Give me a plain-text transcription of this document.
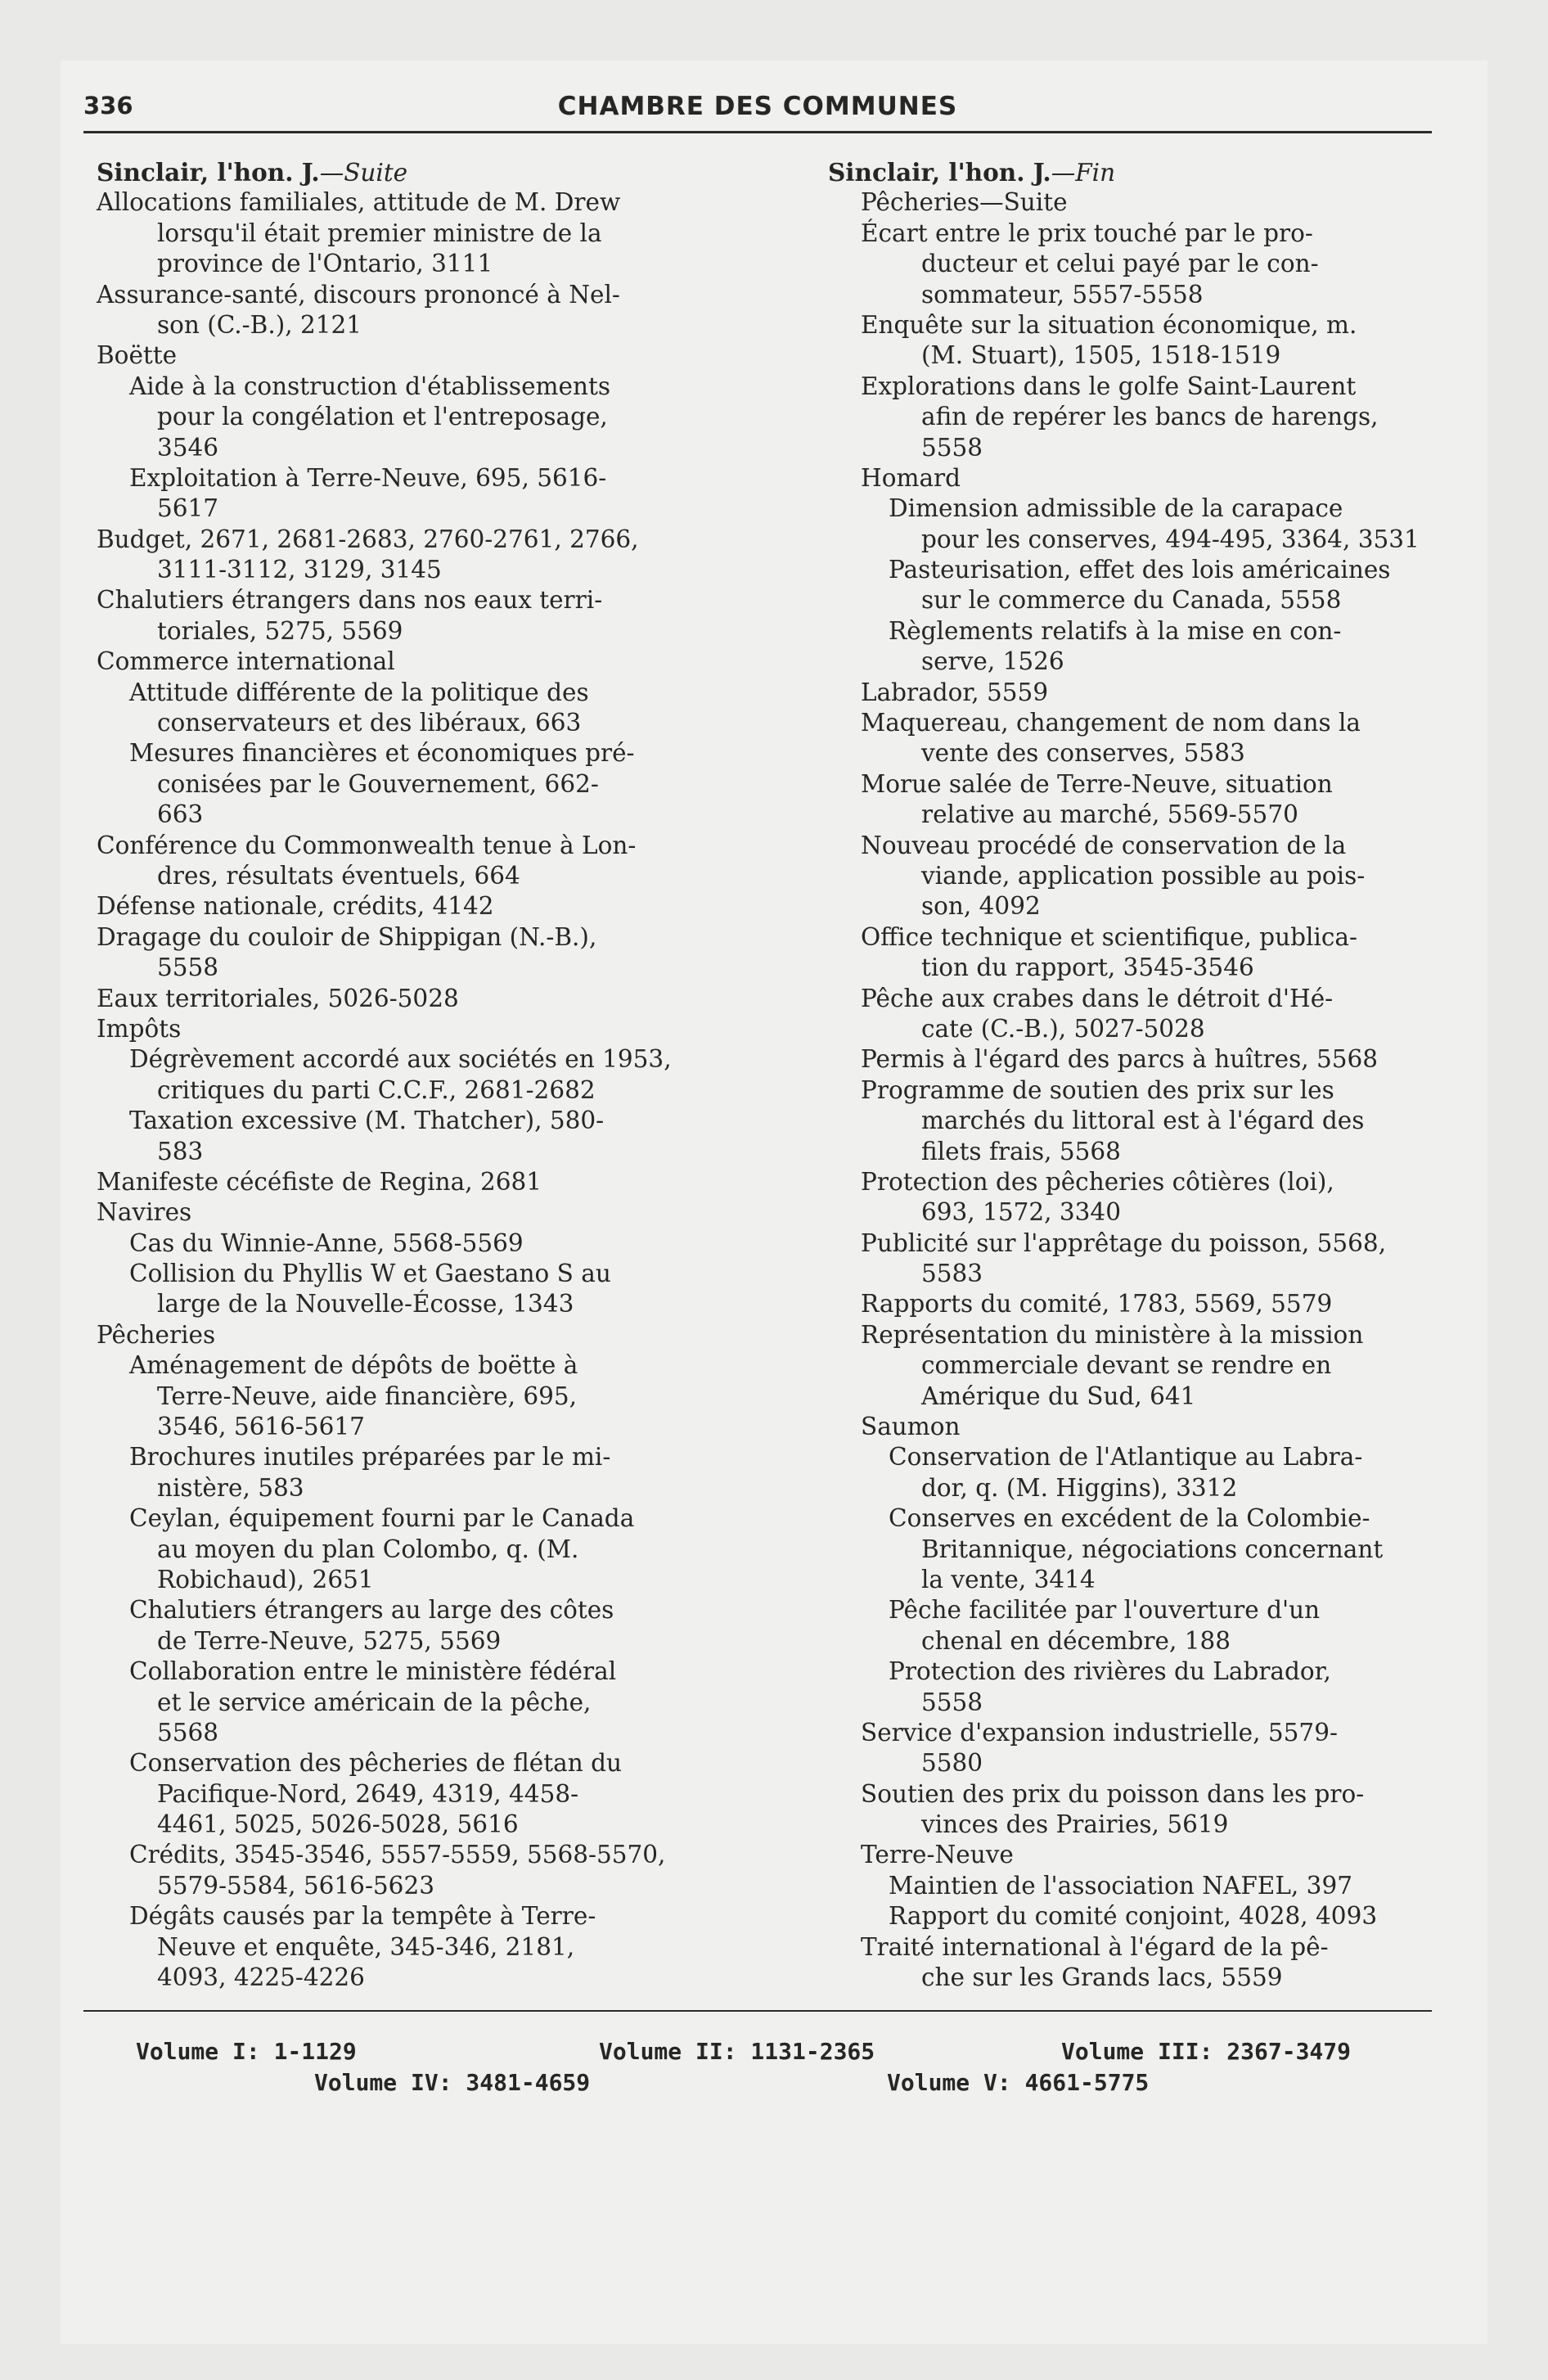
336	CHAMBRE DES COMMUNES
Sinclair, l'hon. J.—Suite
Allocations familiales, attitude de M. Drew
lorsqu'il était premier ministre de la
province de l'Ontario, 3111
Assurance-santé, discours prononcé à Nel-
son (C.-B.), 2121
Boëtte
Aide à la construction d'établissements
pour la congélation et l'entreposage,
3546
Exploitation à Terre-Neuve, 695, 5616-
5617
Budget, 2671, 2681-2683, 2760-2761, 2766,
3111-3112, 3129, 3145
Chalutiers étrangers dans nos eaux terri-
toriales, 5275, 5569
Commerce international
Attitude différente de la politique des
conservateurs et des libéraux, 663
Mesures financières et économiques pré-
conisées par le Gouvernement, 662-
663
Conférence du Commonwealth tenue à Lon-
dres, résultats éventuels, 664
Défense nationale, crédits, 4142
Dragage du couloir de Shippigan (N.-B.),
5558
Eaux territoriales, 5026-5028
Impôts
Dégrèvement accordé aux sociétés en 1953,
critiques du parti C.C.F., 2681-2682
Taxation excessive (M. Thatcher), 580-
583
Manifeste cécéfiste de Regina, 2681
Navires
Cas du Winnie-Anne, 5568-5569
Collision du Phyllis W et Gaestano S au
large de la Nouvelle-Écosse, 1343
Pêcheries
Aménagement de dépôts de boëtte à
Terre-Neuve, aide financière, 695,
3546, 5616-5617
Brochures inutiles préparées par le mi-
nistère, 583
Ceylan, équipement fourni par le Canada
au moyen du plan Colombo, q. (M.
Robichaud), 2651
Chalutiers étrangers au large des côtes
de Terre-Neuve, 5275, 5569
Collaboration entre le ministère fédéral
et le service américain de la pêche,
5568
Conservation des pêcheries de flétan du
Pacifique-Nord, 2649, 4319, 4458-
4461, 5025, 5026-5028, 5616
Crédits, 3545-3546, 5557-5559, 5568-5570,
5579-5584, 5616-5623
Dégâts causés par la tempête à Terre-
Neuve et enquête, 345-346, 2181,
4093, 4225-4226
Sinclair, l'hon. J.—Fin
Pêcheries—Suite
Écart entre le prix touché par le pro-
ducteur et celui payé par le con-
sommateur, 5557-5558
Enquête sur la situation économique, m.
(M. Stuart), 1505, 1518-1519
Explorations dans le golfe Saint-Laurent
afin de repérer les bancs de harengs,
5558
Homard
Dimension admissible de la carapace
pour les conserves, 494-495, 3364, 3531
Pasteurisation, effet des lois américaines
sur le commerce du Canada, 5558
Règlements relatifs à la mise en con-
serve, 1526
Labrador, 5559
Maquereau, changement de nom dans la
vente des conserves, 5583
Morue salée de Terre-Neuve, situation
relative au marché, 5569-5570
Nouveau procédé de conservation de la
viande, application possible au pois-
son, 4092
Office technique et scientifique, publica-
tion du rapport, 3545-3546
Pêche aux crabes dans le détroit d'Hé-
cate (C.-B.), 5027-5028
Permis à l'égard des parcs à huîtres, 5568
Programme de soutien des prix sur les
marchés du littoral est à l'égard des
filets frais, 5568
Protection des pêcheries côtières (loi),
693, 1572, 3340
Publicité sur l'apprêtage du poisson, 5568,
5583
Rapports du comité, 1783, 5569, 5579
Représentation du ministère à la mission
commerciale devant se rendre en
Amérique du Sud, 641
Saumon
Conservation de l'Atlantique au Labra-
dor, q. (M. Higgins), 3312
Conserves en excédent de la Colombie-
Britannique, négociations concernant
la vente, 3414
Pêche facilitée par l'ouverture d'un
chenal en décembre, 188
Protection des rivières du Labrador,
5558
Service d'expansion industrielle, 5579-
5580
Soutien des prix du poisson dans les pro-
vinces des Prairies, 5619
Terre-Neuve
Maintien de l'association NAFEL, 397
Rapport du comité conjoint, 4028, 4093
Traité international à l'égard de la pê-
che sur les Grands lacs, 5559
Volume I: 1-1129	Volume II: 1131-2365	Volume III: 2367-3479
Volume IV: 3481-4659	Volume V: 4661-5775
